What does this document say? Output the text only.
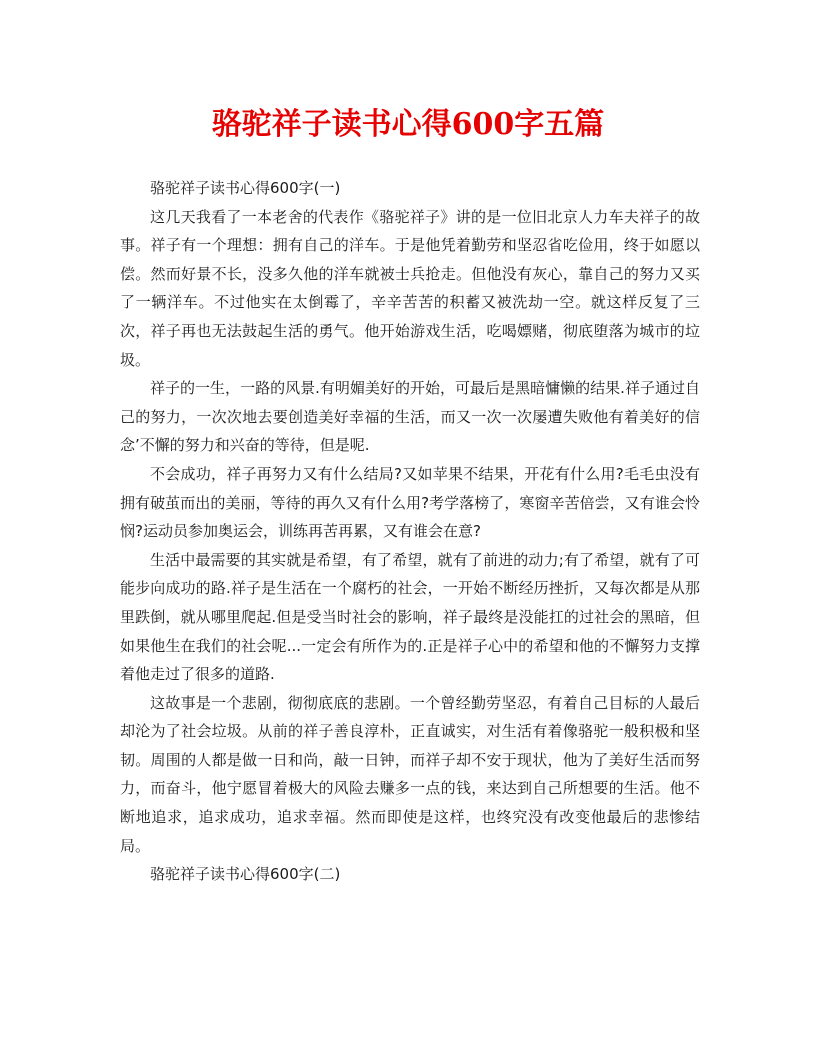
骆驼祥子读书心得600字五篇

骆驼祥子读书心得600字(一)

这几天我看了一本老舍的代表作《骆驼祥子》讲的是一位旧北京人力车夫祥子的故事。祥子有一个理想：拥有自己的洋车。于是他凭着勤劳和坚忍省吃俭用，终于如愿以偿。然而好景不长，没多久他的洋车就被士兵抢走。但他没有灰心，靠自己的努力又买了一辆洋车。不过他实在太倒霉了，辛辛苦苦的积蓄又被洗劫一空。就这样反复了三次，祥子再也无法鼓起生活的勇气。他开始游戏生活，吃喝嫖赌，彻底堕落为城市的垃圾。

祥子的一生，一路的风景.有明媚美好的开始，可最后是黑暗慵懒的结果.祥子通过自己的努力，一次次地去要创造美好幸福的生活，而又一次一次屡遭失败他有着美好的信念’不懈的努力和兴奋的等待，但是呢.

不会成功，祥子再努力又有什么结局?又如苹果不结果，开花有什么用?毛毛虫没有拥有破茧而出的美丽，等待的再久又有什么用?考学落榜了，寒窗辛苦倍尝，又有谁会怜悯?运动员参加奥运会，训练再苦再累，又有谁会在意?

生活中最需要的其实就是希望，有了希望，就有了前进的动力;有了希望，就有了可能步向成功的路.祥子是生活在一个腐朽的社会，一开始不断经历挫折，又每次都是从那里跌倒，就从哪里爬起.但是受当时社会的影响，祥子最终是没能扛的过社会的黑暗，但如果他生在我们的社会呢...一定会有所作为的.正是祥子心中的希望和他的不懈努力支撑着他走过了很多的道路.

这故事是一个悲剧，彻彻底底的悲剧。一个曾经勤劳坚忍，有着自己目标的人最后却沦为了社会垃圾。从前的祥子善良淳朴，正直诚实，对生活有着像骆驼一般积极和坚韧。周围的人都是做一日和尚，敲一日钟，而祥子却不安于现状，他为了美好生活而努力，而奋斗，他宁愿冒着极大的风险去赚多一点的钱，来达到自己所想要的生活。他不断地追求，追求成功，追求幸福。然而即使是这样，也终究没有改变他最后的悲惨结局。

骆驼祥子读书心得600字(二)
